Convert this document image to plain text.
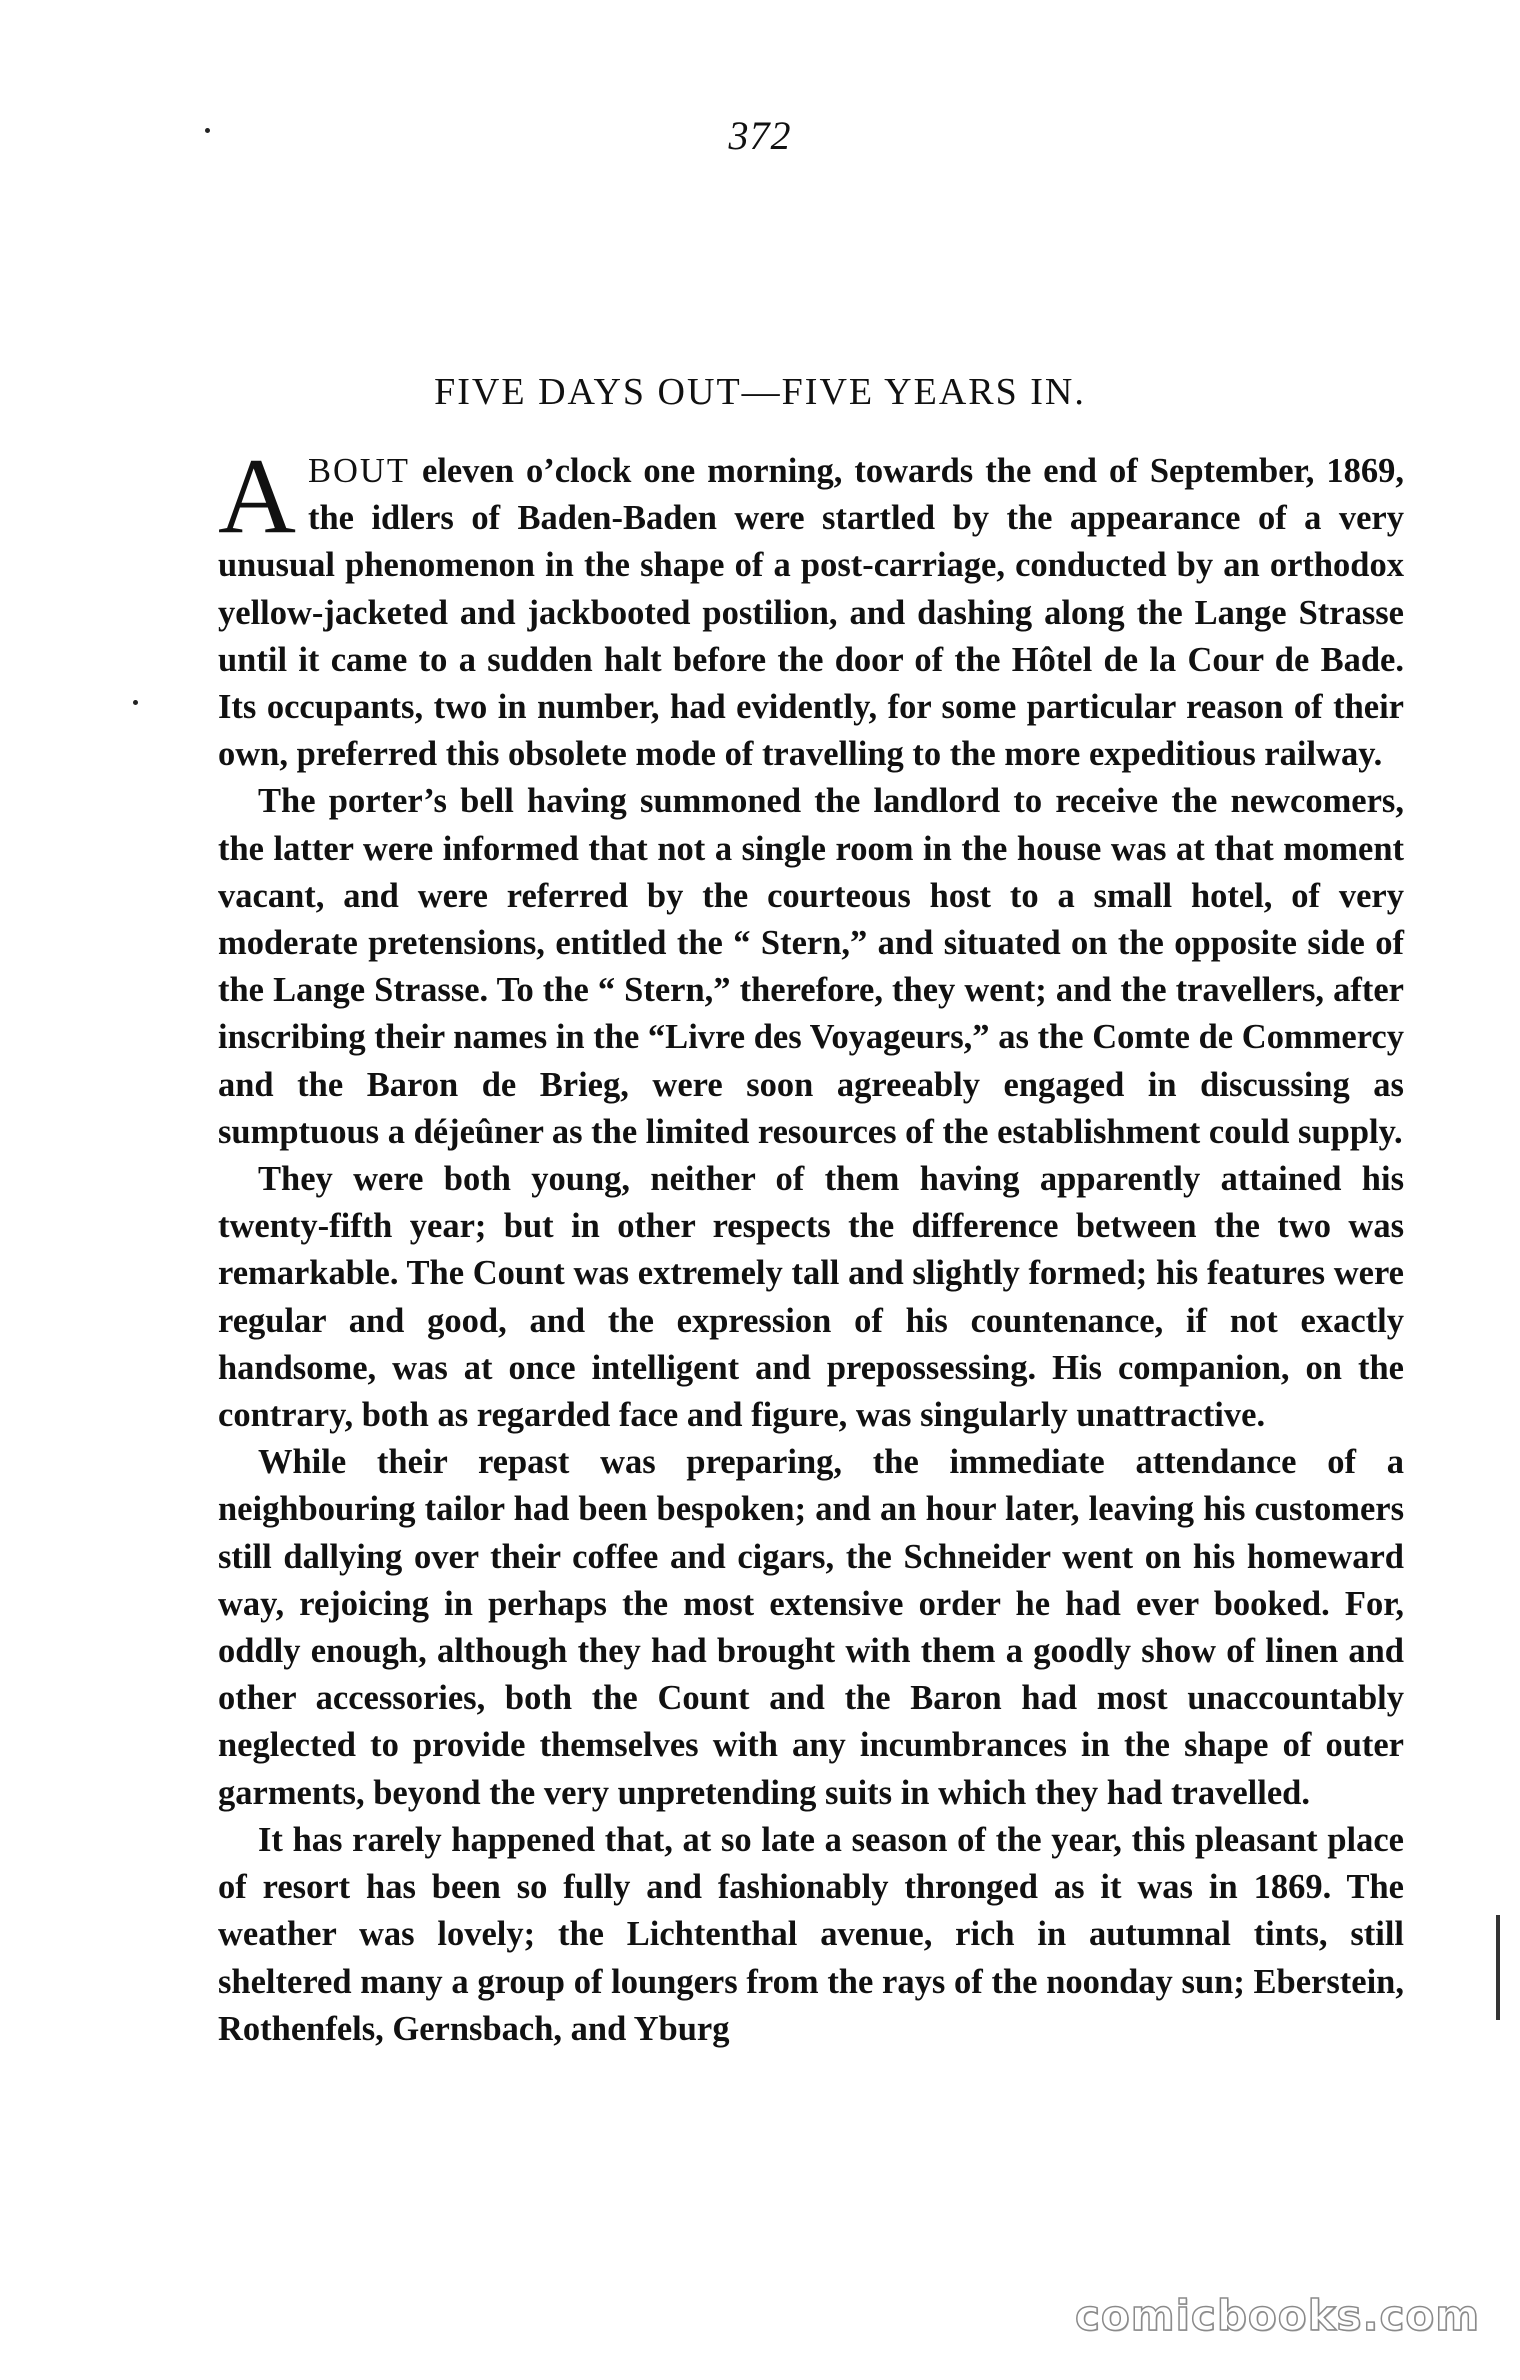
372
FIVE DAYS OUT—FIVE YEARS IN.

ABOUT eleven o’clock one morning, towards the end of September, 1869, the idlers of Baden-Baden were startled by the appearance of a very unusual phenomenon in the shape of a post-carriage, conducted by an orthodox yellow-jacketed and jackbooted postilion, and dashing along the Lange Strasse until it came to a sudden halt before the door of the Hôtel de la Cour de Bade. Its occupants, two in number, had evidently, for some particular reason of their own, preferred this obsolete mode of travelling to the more expeditious railway.

The porter’s bell having summoned the landlord to receive the newcomers, the latter were informed that not a single room in the house was at that moment vacant, and were referred by the courteous host to a small hotel, of very moderate pretensions, entitled the “ Stern,” and situated on the opposite side of the Lange Strasse. To the “ Stern,” therefore, they went; and the travellers, after inscribing their names in the “Livre des Voyageurs,” as the Comte de Commercy and the Baron de Brieg, were soon agreeably engaged in discussing as sumptuous a déjeûner as the limited resources of the establishment could supply.

They were both young, neither of them having apparently attained his twenty-fifth year; but in other respects the difference between the two was remarkable. The Count was extremely tall and slightly formed; his features were regular and good, and the expression of his countenance, if not exactly handsome, was at once intelligent and prepossessing. His companion, on the contrary, both as regarded face and figure, was singularly unattractive.

While their repast was preparing, the immediate attendance of a neighbouring tailor had been bespoken; and an hour later, leaving his customers still dallying over their coffee and cigars, the Schneider went on his homeward way, rejoicing in perhaps the most extensive order he had ever booked. For, oddly enough, although they had brought with them a goodly show of linen and other accessories, both the Count and the Baron had most unaccountably neglected to provide themselves with any incumbrances in the shape of outer garments, beyond the very unpretending suits in which they had travelled.

It has rarely happened that, at so late a season of the year, this pleasant place of resort has been so fully and fashionably thronged as it was in 1869. The weather was lovely; the Lichtenthal avenue, rich in autumnal tints, still sheltered many a group of loungers from the rays of the noonday sun; Eberstein, Rothenfels, Gernsbach, and Yburg

comicbooks.com
